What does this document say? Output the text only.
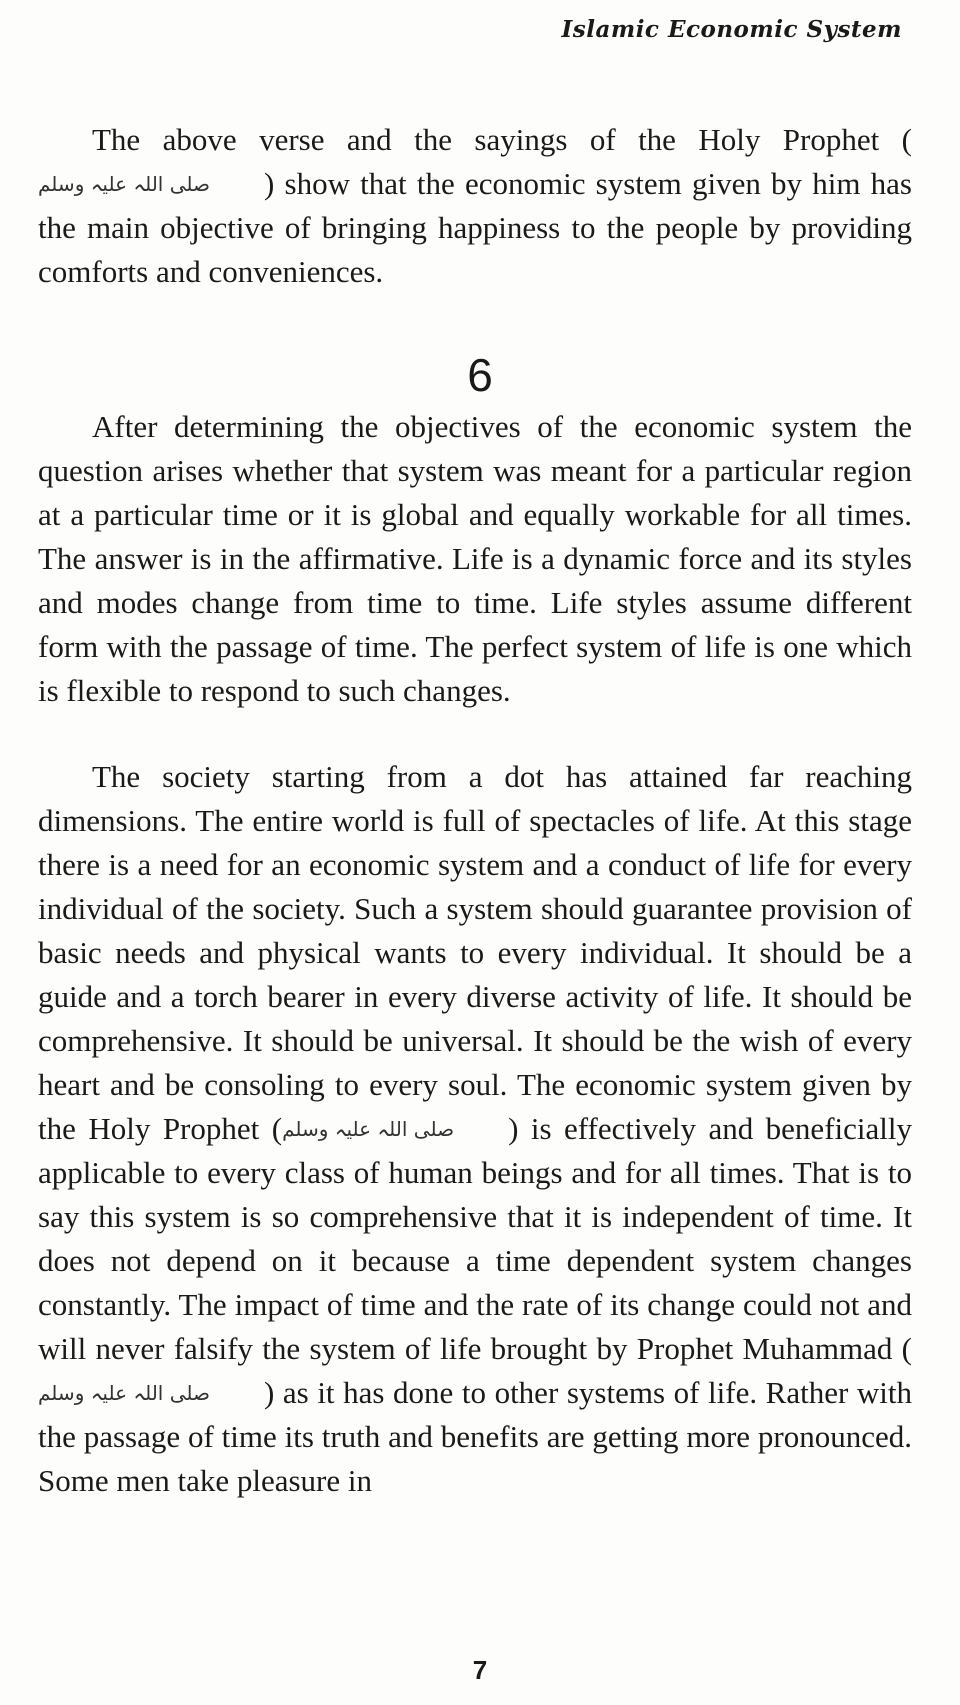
Islamic Economic System

The above verse and the sayings of the Holy Prophet (صلی اللہ علیہ وسلم ) show that the economic system given by him has the main objective of bringing happiness to the people by providing comforts and conveniences.

6

After determining the objectives of the economic system the question arises whether that system was meant for a particular region at a particular time or it is global and equally workable for all times. The answer is in the affirmative. Life is a dynamic force and its styles and modes change from time to time. Life styles assume different form with the passage of time. The perfect system of life is one which is flexible to respond to such changes.

The society starting from a dot has attained far reaching dimensions. The entire world is full of spectacles of life. At this stage there is a need for an economic system and a conduct of life for every individual of the society. Such a system should guarantee provision of basic needs and physical wants to every individual. It should be a guide and a torch bearer in every diverse activity of life. It should be comprehensive. It should be universal. It should be the wish of every heart and be consoling to every soul. The economic system given by the Holy Prophet (صلی اللہ علیہ وسلم ) is effectively and beneficially applicable to every class of human beings and for all times. That is to say this system is so comprehensive that it is independent of time. It does not depend on it because a time dependent system changes constantly. The impact of time and the rate of its change could not and will never falsify the system of life brought by Prophet Muhammad (صلی اللہ علیہ وسلم ) as it has done to other systems of life. Rather with the passage of time its truth and benefits are getting more pronounced. Some men take pleasure in

7
